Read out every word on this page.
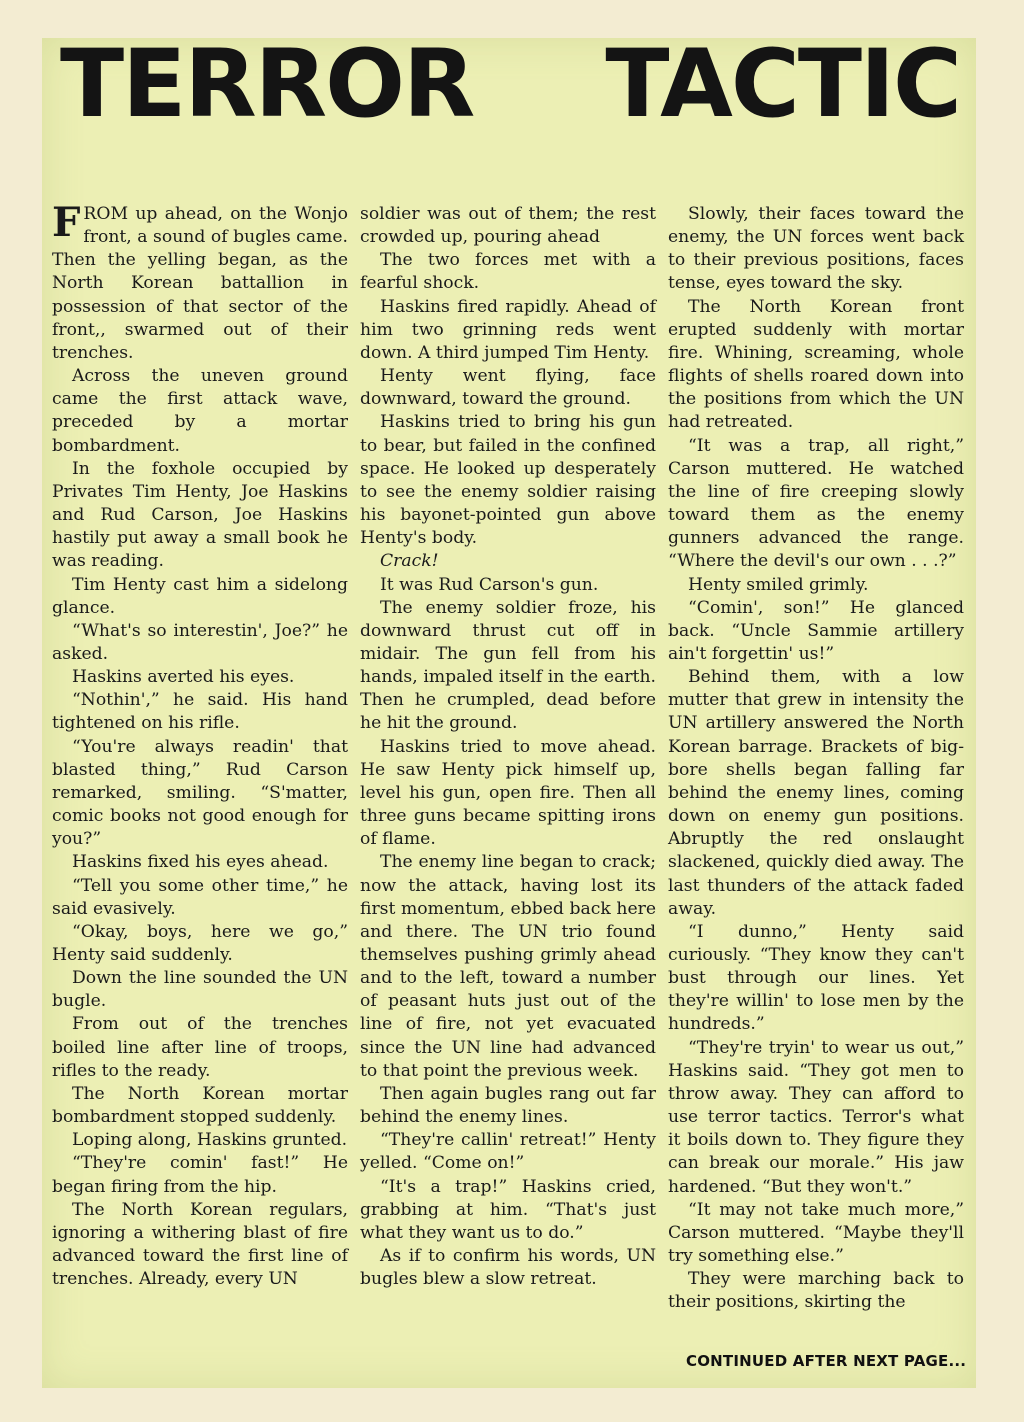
TERROR TACTIC

FROM up ahead, on the Wonjo front, a sound of bugles came. Then the yelling began, as the North Korean battallion in possession of that sector of the front,, swarmed out of their trenches.

Across the uneven ground came the first attack wave, preceded by a mortar bombardment.

In the foxhole occupied by Privates Tim Henty, Joe Haskins and Rud Carson, Joe Haskins hastily put away a small book he was reading.

Tim Henty cast him a sidelong glance.

“What's so interestin', Joe?” he asked.

Haskins averted his eyes.

“Nothin',” he said. His hand tightened on his rifle.

“You're always readin' that blasted thing,” Rud Carson remarked, smiling. “S'matter, comic books not good enough for you?”

Haskins fixed his eyes ahead.

“Tell you some other time,” he said evasively.

“Okay, boys, here we go,” Henty said suddenly.

Down the line sounded the UN bugle.

From out of the trenches boiled line after line of troops, rifles to the ready.

The North Korean mortar bombardment stopped suddenly.

Loping along, Haskins grunted.

“They're comin' fast!” He began firing from the hip.

The North Korean regulars, ignoring a withering blast of fire advanced toward the first line of trenches. Already, every UN

soldier was out of them; the rest crowded up, pouring ahead

The two forces met with a fearful shock.

Haskins fired rapidly. Ahead of him two grinning reds went down. A third jumped Tim Henty.

Henty went flying, face downward, toward the ground.

Haskins tried to bring his gun to bear, but failed in the confined space. He looked up desperately to see the enemy soldier raising his bayonet-pointed gun above Henty's body.

Crack!

It was Rud Carson's gun.

The enemy soldier froze, his downward thrust cut off in midair. The gun fell from his hands, impaled itself in the earth. Then he crumpled, dead before he hit the ground.

Haskins tried to move ahead. He saw Henty pick himself up, level his gun, open fire. Then all three guns became spitting irons of flame.

The enemy line began to crack; now the attack, having lost its first momentum, ebbed back here and there. The UN trio found themselves pushing grimly ahead and to the left, toward a number of peasant huts just out of the line of fire, not yet evacuated since the UN line had advanced to that point the previous week.

Then again bugles rang out far behind the enemy lines.

“They're callin' retreat!” Henty yelled. “Come on!”

“It's a trap!” Haskins cried, grabbing at him. “That's just what they want us to do.”

As if to confirm his words, UN bugles blew a slow retreat.

Slowly, their faces toward the enemy, the UN forces went back to their previous positions, faces tense, eyes toward the sky.

The North Korean front erupted suddenly with mortar fire. Whining, screaming, whole flights of shells roared down into the positions from which the UN had retreated.

“It was a trap, all right,” Carson muttered. He watched the line of fire creeping slowly toward them as the enemy gunners advanced the range. “Where the devil's our own . . .?”

Henty smiled grimly.

“Comin', son!” He glanced back. “Uncle Sammie artillery ain't forgettin' us!”

Behind them, with a low mutter that grew in intensity the UN artillery answered the North Korean barrage. Brackets of big-bore shells began falling far behind the enemy lines, coming down on enemy gun positions. Abruptly the red onslaught slackened, quickly died away. The last thunders of the attack faded away.

“I dunno,” Henty said curiously. “They know they can't bust through our lines. Yet they're willin' to lose men by the hundreds.”

“They're tryin' to wear us out,” Haskins said. “They got men to throw away. They can afford to use terror tactics. Terror's what it boils down to. They figure they can break our morale.” His jaw hardened. “But they won't.”

“It may not take much more,” Carson muttered. “Maybe they'll try something else.”

They were marching back to their positions, skirting the

CONTINUED AFTER NEXT PAGE...
